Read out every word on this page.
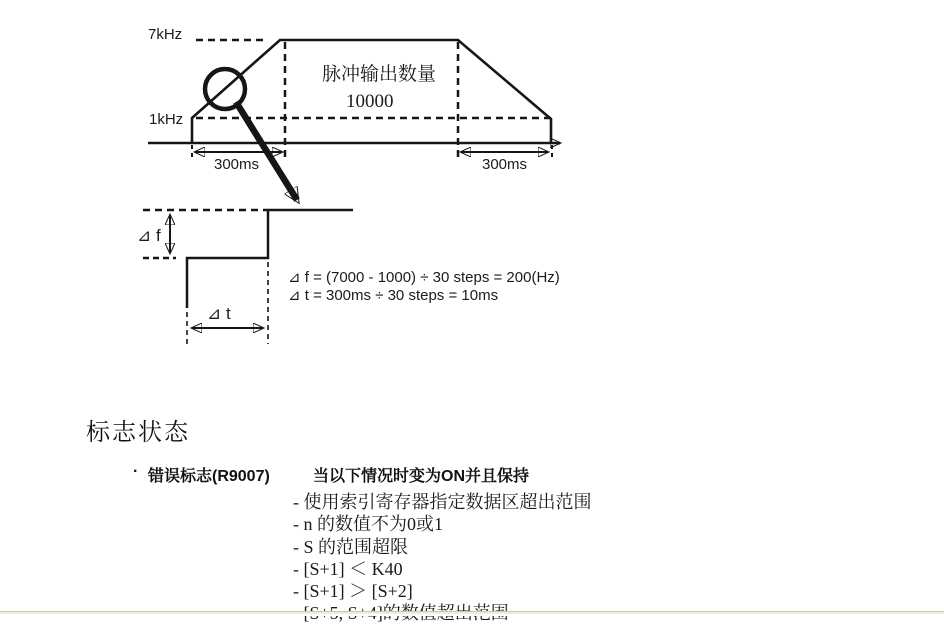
7kHz
1kHz
脉冲输出数量
10000
300ms	300ms
⊿ f
⊿ t
⊿ f = (7000 - 1000) ÷ 30 steps = 200(Hz)
⊿ t = 300ms ÷ 30 steps = 10ms
标志状态
· 错误标志(R9007)	当以下情况时变为ON并且保持
- 使用索引寄存器指定数据区超出范围
- n 的数值不为0或1
- S 的范围超限
- [S+1] ＜ K40
- [S+1] ＞ [S+2]
